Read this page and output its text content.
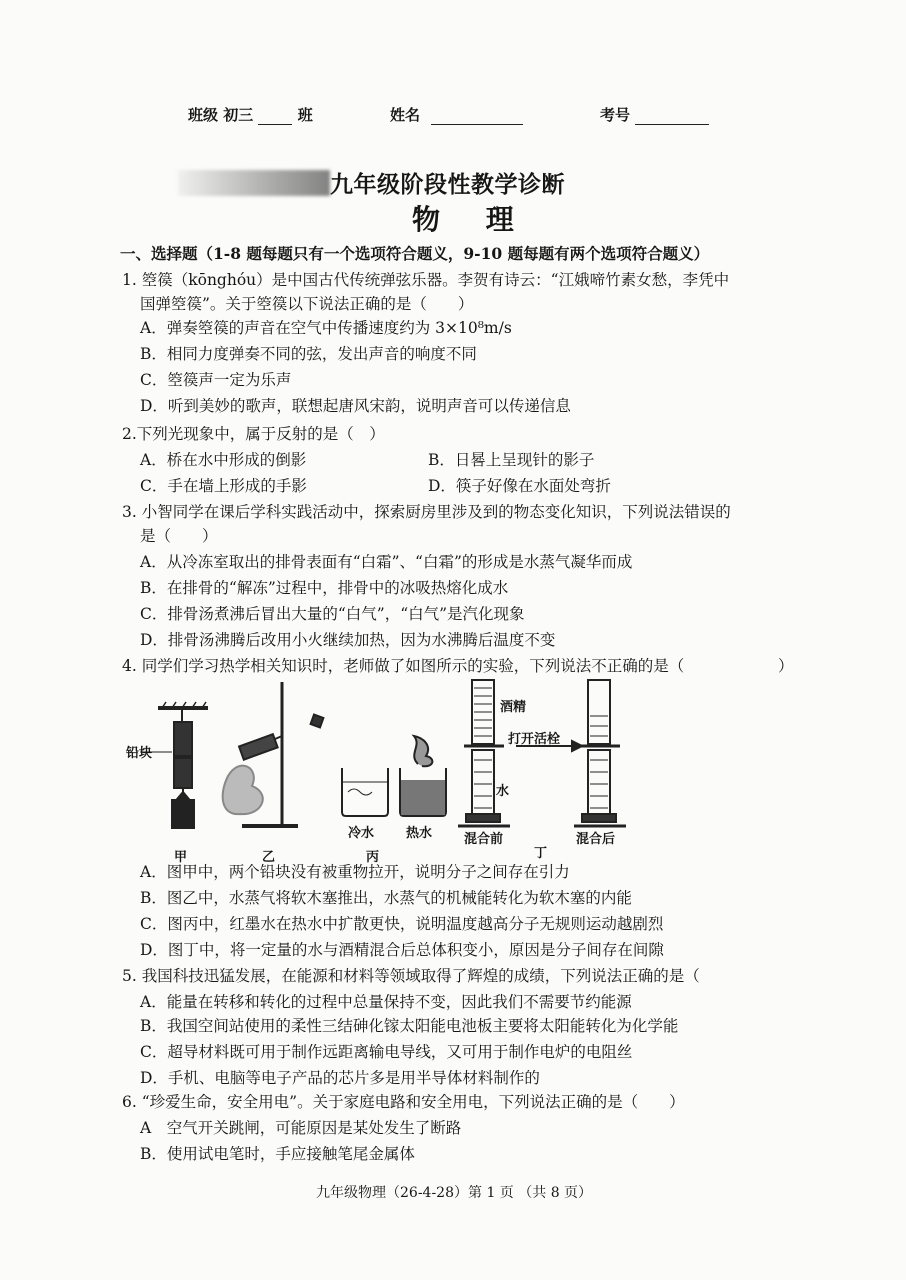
班级 初三	班	姓名	考号
九年级阶段性教学诊断
物 理
一、选择题（1-8 题每题只有一个选项符合题义，9-10 题每题有两个选项符合题义）
1. 箜篌（kōnghóu）是中国古代传统弹弦乐器。李贺有诗云：“江娥啼竹素女愁，李凭中
国弹箜篌”。关于箜篌以下说法正确的是（　　）
A．弹奏箜篌的声音在空气中传播速度约为 3×10⁸m/s
B．相同力度弹奏不同的弦，发出声音的响度不同
C．箜篌声一定为乐声
D．听到美妙的歌声，联想起唐风宋韵，说明声音可以传递信息
2.下列光现象中，属于反射的是（　）
A．桥在水中形成的倒影	B．日晷上呈现针的影子
C．手在墙上形成的手影	D．筷子好像在水面处弯折
3. 小智同学在课后学科实践活动中，探索厨房里涉及到的物态变化知识，下列说法错误的
是（　　）
A．从冷冻室取出的排骨表面有“白霜”、“白霜”的形成是水蒸气凝华而成
B．在排骨的“解冻”过程中，排骨中的冰吸热熔化成水
C．排骨汤煮沸后冒出大量的“白气”，“白气”是汽化现象
D．排骨汤沸腾后改用小火继续加热，因为水沸腾后温度不变
4. 同学们学习热学相关知识时，老师做了如图所示的实验，下列说法不正确的是（	）
铅块
甲	乙
冷水 热水
丙
酒精
打开活栓
水
混合前
丁
混合后
A．图甲中，两个铅块没有被重物拉开，说明分子之间存在引力
B．图乙中，水蒸气将软木塞推出，水蒸气的机械能转化为软木塞的内能
C．图丙中，红墨水在热水中扩散更快，说明温度越高分子无规则运动越剧烈
D．图丁中，将一定量的水与酒精混合后总体积变小，原因是分子间存在间隙
5. 我国科技迅猛发展，在能源和材料等领域取得了辉煌的成绩，下列说法正确的是（
A．能量在转移和转化的过程中总量保持不变，因此我们不需要节约能源
B．我国空间站使用的柔性三结砷化镓太阳能电池板主要将太阳能转化为化学能
C．超导材料既可用于制作远距离输电导线，又可用于制作电炉的电阻丝
D．手机、电脑等电子产品的芯片多是用半导体材料制作的
6. “珍爱生命，安全用电”。关于家庭电路和安全用电，下列说法正确的是（　　）
A　空气开关跳闸，可能原因是某处发生了断路
B．使用试电笔时，手应接触笔尾金属体
九年级物理（26-4-28）第 1 页 （共 8 页）
